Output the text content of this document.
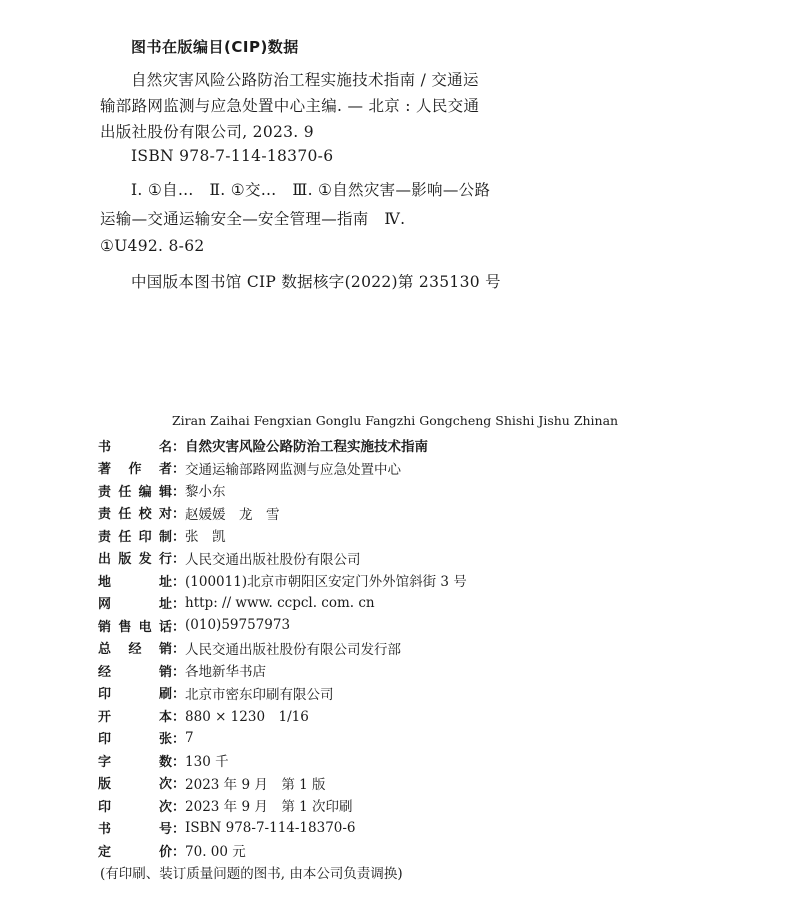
图书在版编目(CIP)数据
自然灾害风险公路防治工程实施技术指南 / 交通运
输部路网监测与应急处置中心主编. — 北京 : 人民交通
出版社股份有限公司, 2023. 9
ISBN 978-7-114-18370-6
Ⅰ. ①自…　Ⅱ. ①交…　Ⅲ. ①自然灾害—影响—公路
运输—交通运输安全—安全管理—指南　Ⅳ.
①U492. 8-62
中国版本图书馆 CIP 数据核字(2022)第 235130 号
Ziran Zaihai Fengxian Gonglu Fangzhi Gongcheng Shishi Jishu Zhinan
书	名 ： 自然灾害风险公路防治工程实施技术指南
著 作 者 ： 交通运输部路网监测与应急处置中心
责 任 编 辑 ： 黎小东
责 任 校 对 ： 赵媛媛　龙　雪
责 任 印 制 ： 张　凯
出 版 发 行 ： 人民交通出版社股份有限公司
地	址 ： (100011)北京市朝阳区安定门外外馆斜街 3 号
网	址 ： http: // www. ccpcl. com. cn
销 售 电 话 ： (010)59757973
总 经 销 ： 人民交通出版社股份有限公司发行部
经	销 ： 各地新华书店
印	刷 ： 北京市密东印刷有限公司
开	本 ： 880 × 1230　1/16
印	张 ： 7
字	数 ： 130 千
版	次 ： 2023 年 9 月　第 1 版
印	次 ： 2023 年 9 月　第 1 次印刷
书	号 ： ISBN 978-7-114-18370-6
定	价 ： 70. 00 元
(有印刷、装订质量问题的图书, 由本公司负责调换)
